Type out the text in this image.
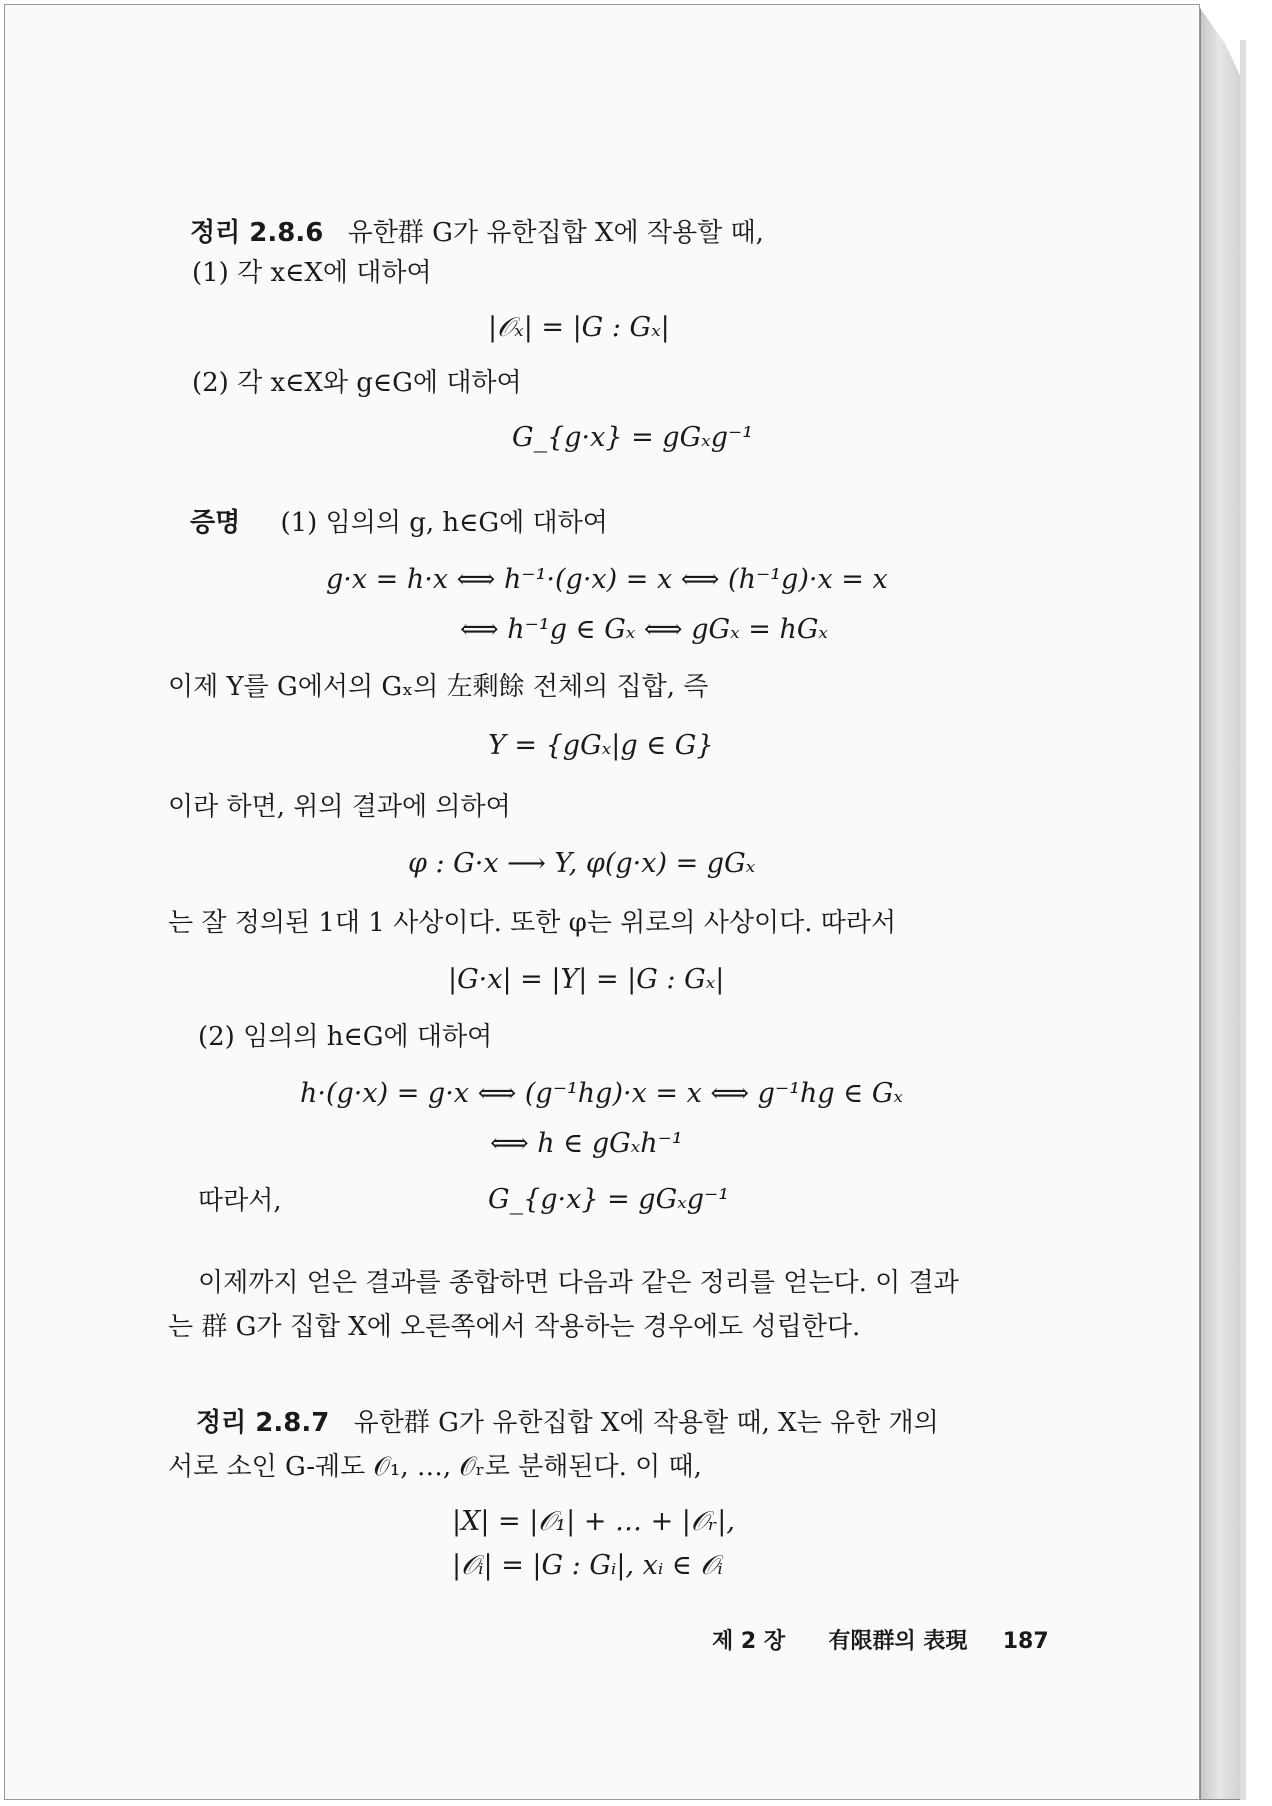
정리 2.8.6 유한群 G가 유한집합 X에 작용할 때,
(1) 각 x∈X에 대하여
|𝒪ₓ| = |G : Gₓ|
(2) 각 x∈X와 g∈G에 대하여
G_{g·x} = gGₓg⁻¹
증명 (1) 임의의 g, h∈G에 대하여
g·x = h·x ⟺ h⁻¹·(g·x) = x ⟺ (h⁻¹g)·x = x
⟺ h⁻¹g ∈ Gₓ ⟺ gGₓ = hGₓ
이제 Y를 G에서의 Gₓ의 左剩餘 전체의 집합, 즉
Y = {gGₓ|g ∈ G}
이라 하면, 위의 결과에 의하여
φ : G·x ⟶ Y, φ(g·x) = gGₓ
는 잘 정의된 1대 1 사상이다. 또한 φ는 위로의 사상이다. 따라서
|G·x| = |Y| = |G : Gₓ|
(2) 임의의 h∈G에 대하여
h·(g·x) = g·x ⟺ (g⁻¹hg)·x = x ⟺ g⁻¹hg ∈ Gₓ
⟺ h ∈ gGₓh⁻¹
따라서,	G_{g·x} = gGₓg⁻¹
이제까지 얻은 결과를 종합하면 다음과 같은 정리를 얻는다. 이 결과
는 群 G가 집합 X에 오른쪽에서 작용하는 경우에도 성립한다.
정리 2.8.7 유한群 G가 유한집합 X에 작용할 때, X는 유한 개의
서로 소인 G-궤도 𝒪₁, …, 𝒪ᵣ로 분해된다. 이 때,
|X| = |𝒪₁| + … + |𝒪ᵣ|,
|𝒪ᵢ| = |G : Gᵢ|, xᵢ ∈ 𝒪ᵢ
제 2 장 有限群의 表現 187
